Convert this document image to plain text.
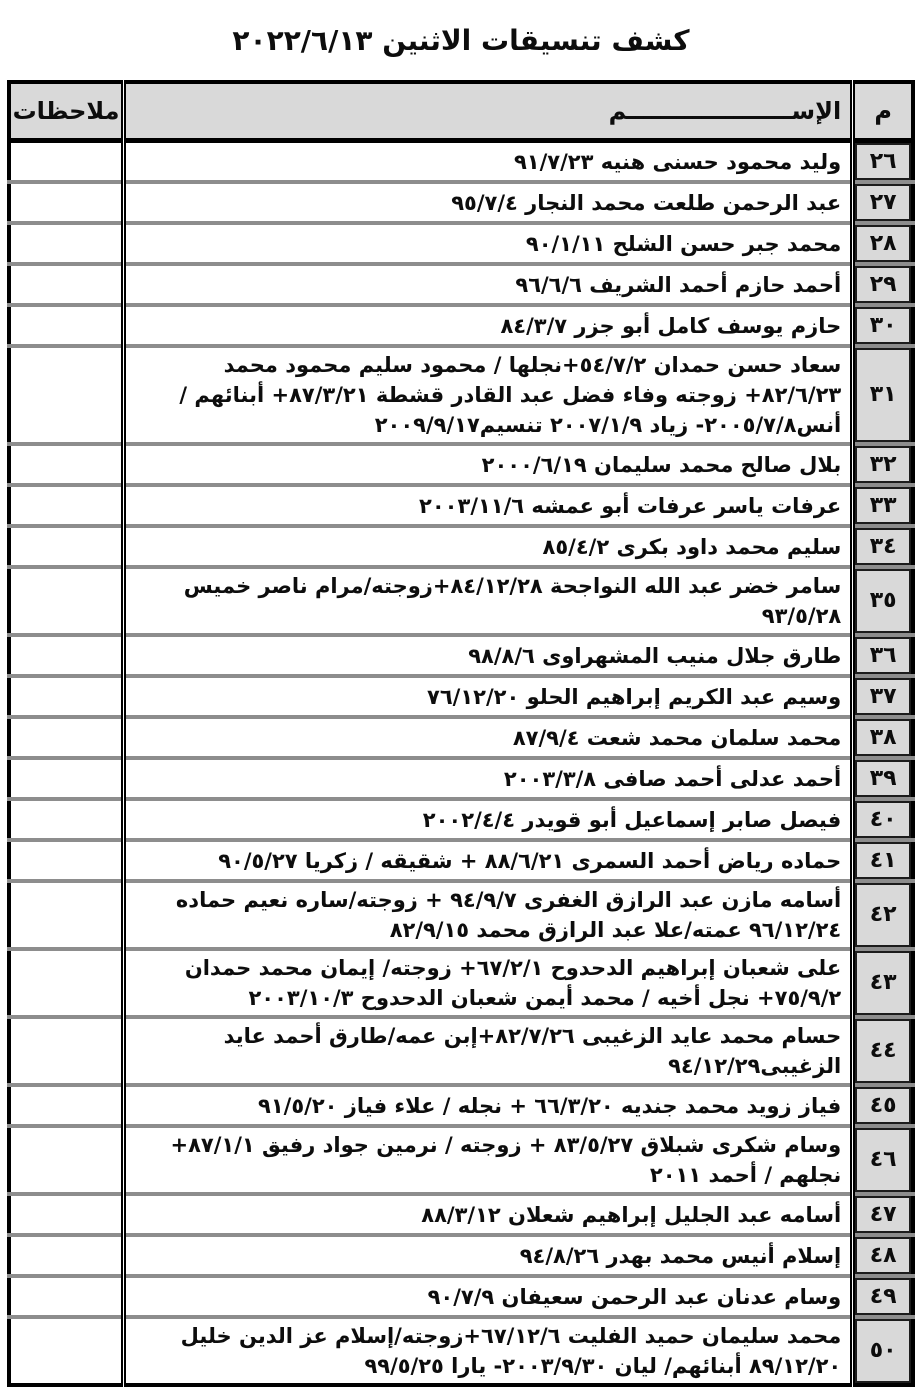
كشف تنسيقات الاثنين ٢٠٢٢/٦/١٣
م	الإســــــــــــــــــــم	ملاحظات
٢٦	وليد محمود حسنى هنيه ٩١/٧/٢٣	
٢٧	عبد الرحمن طلعت محمد النجار ٩٥/٧/٤	
٢٨	محمد جبر حسن الشلح ٩٠/١/١١	
٢٩	أحمد حازم أحمد الشريف ٩٦/٦/٦	
٣٠	حازم يوسف كامل أبو جزر ٨٤/٣/٧	
٣١	سعاد حسن حمدان ٥٤/٧/٢+نجلها / محمود سليم محمود محمد ٨٢/٦/٢٣+ زوجته وفاء فضل عبد القادر قشطة ٨٧/٣/٢١+ أبنائهم / أنس٢٠٠٥/٧/٨- زياد ٢٠٠٧/١/٩ تنسيم٢٠٠٩/٩/١٧	
٣٢	بلال صالح محمد سليمان ٢٠٠٠/٦/١٩	
٣٣	عرفات ياسر عرفات أبو عمشه ٢٠٠٣/١١/٦	
٣٤	سليم محمد داود بكرى ٨٥/٤/٢	
٣٥	سامر خضر عبد الله النواجحة ٨٤/١٢/٢٨+زوجته/مرام ناصر خميس ٩٣/٥/٢٨	
٣٦	طارق جلال منيب المشهراوى ٩٨/٨/٦	
٣٧	وسيم عبد الكريم إبراهيم الحلو ٧٦/١٢/٢٠	
٣٨	محمد سلمان محمد شعت ٨٧/٩/٤	
٣٩	أحمد عدلى أحمد صافى ٢٠٠٣/٣/٨	
٤٠	فيصل صابر إسماعيل أبو قويدر ٢٠٠٢/٤/٤	
٤١	حماده رياض أحمد السمرى ٨٨/٦/٢١ + شقيقه / زكريا ٩٠/٥/٢٧	
٤٢	أسامه مازن عبد الرازق الغفرى ٩٤/٩/٧ + زوجته/ساره نعيم حماده ٩٦/١٢/٢٤ عمته/علا عبد الرازق محمد ٨٢/٩/١٥	
٤٣	على شعبان إبراهيم الدحدوح ٦٧/٢/١+ زوجته/ إيمان محمد حمدان ٧٥/٩/٢+ نجل أخيه / محمد أيمن شعبان الدحدوح ٢٠٠٣/١٠/٣	
٤٤	حسام محمد عايد الزغيبى ٨٢/٧/٢٦+إبن عمه/طارق أحمد عايد الزغيبى٩٤/١٢/٢٩	
٤٥	فياز زويد محمد جنديه ٦٦/٣/٢٠ + نجله / علاء فياز ٩١/٥/٢٠	
٤٦	وسام شكرى شبلاق ٨٣/٥/٢٧ + زوجته / نرمين جواد رفيق ٨٧/١/١+ نجلهم / أحمد ٢٠١١	
٤٧	أسامه عبد الجليل إبراهيم شعلان ٨٨/٣/١٢	
٤٨	إسلام أنيس محمد بهدر ٩٤/٨/٢٦	
٤٩	وسام عدنان عبد الرحمن سعيفان ٩٠/٧/٩	
٥٠	محمد سليمان حميد الفليت ٦٧/١٢/٦+زوجته/إسلام عز الدين خليل ٨٩/١٢/٢٠ أبنائهم/ ليان ٢٠٠٣/٩/٣٠- يارا ٩٩/٥/٢٥	
